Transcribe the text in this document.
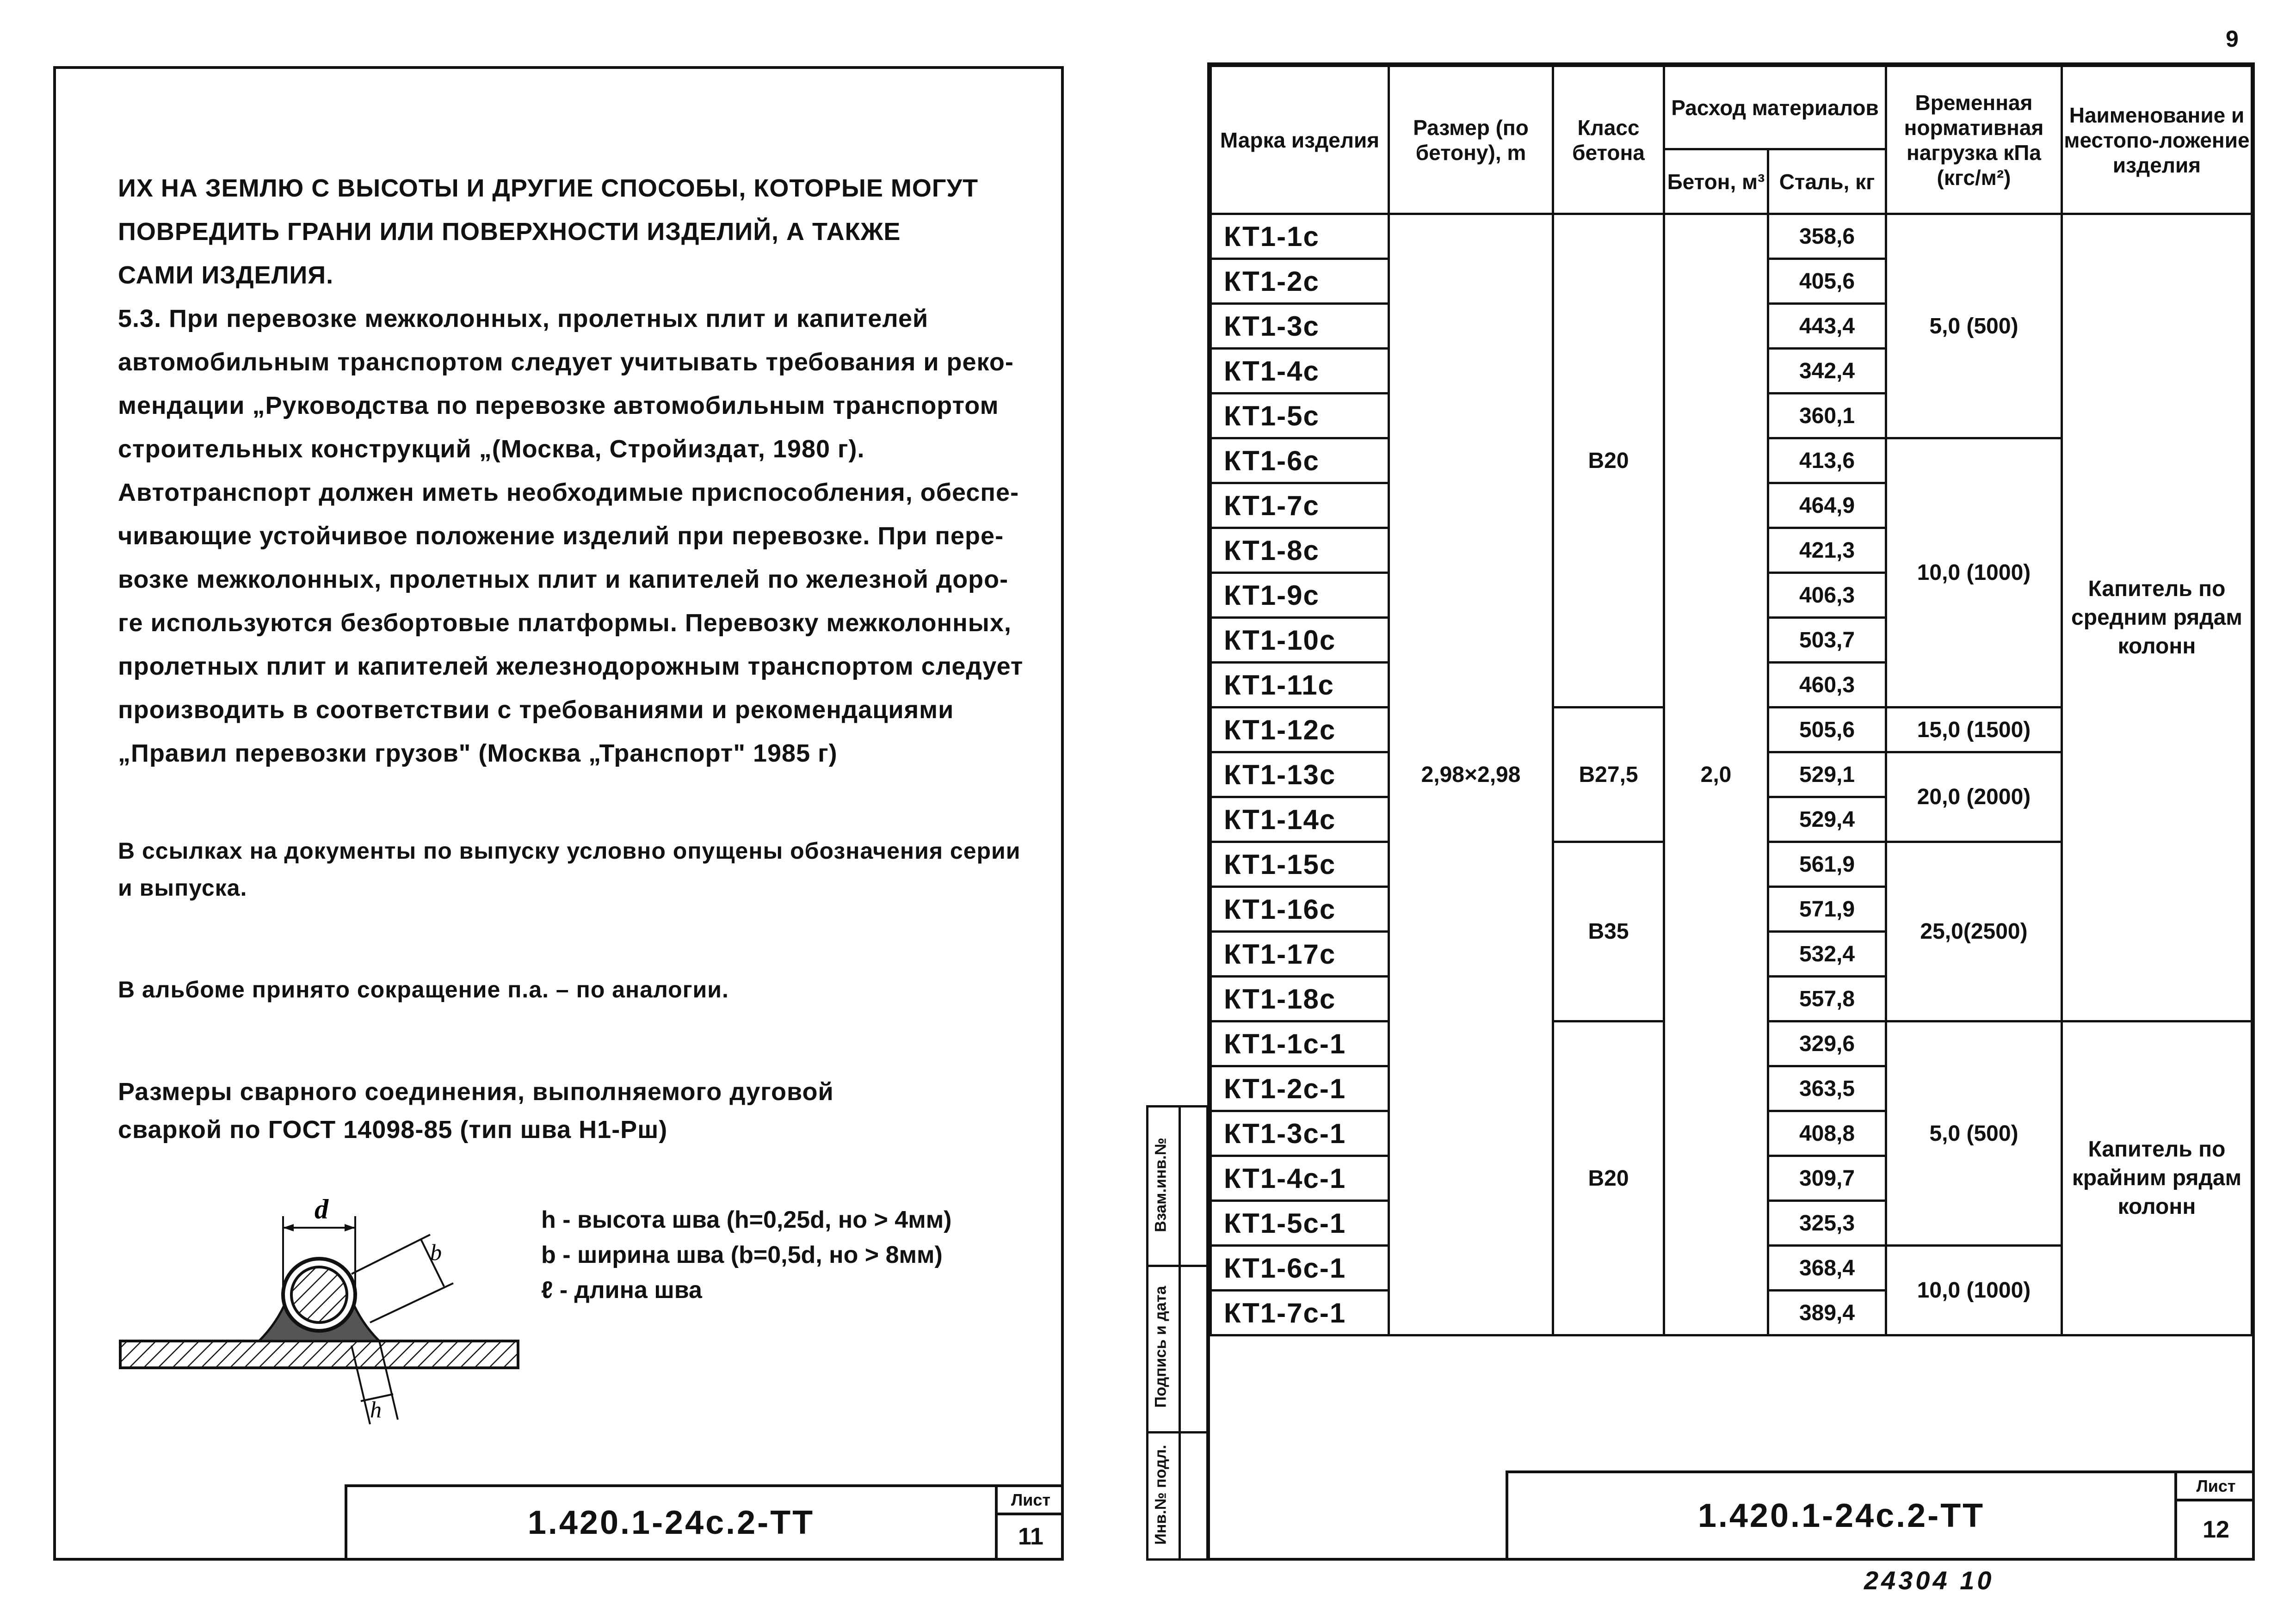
9

ИХ НА ЗЕМЛЮ С ВЫСОТЫ И ДРУГИЕ СПОСОБЫ, КОТОРЫЕ МОГУТ

ПОВРЕДИТЬ ГРАНИ ИЛИ ПОВЕРХНОСТИ ИЗДЕЛИЙ, А ТАКЖЕ

САМИ ИЗДЕЛИЯ.

5.3. При перевозке межколонных, пролетных плит и капителей

автомобильным транспортом следует учитывать требования и реко-

мендации „Руководства по перевозке автомобильным транспортом

строительных конструкций „(Москва, Стройиздат, 1980 г).

Автотранспорт должен иметь необходимые приспособления, обеспе-

чивающие устойчивое положение изделий при перевозке. При пере-

возке межколонных, пролетных плит и капителей по железной доро-

ге используются безбортовые платформы. Перевозку межколонных,

пролетных плит и капителей железнодорожным транспортом следует

производить в соответствии с требованиями и рекомендациями

„Правил перевозки грузов" (Москва „Транспорт" 1985 г)

В ссылках на документы по выпуску условно опущены обозначения серии

и выпуска.

В альбоме принято сокращение п.а. – по аналогии.

Размеры сварного соединения, выполняемого дуговой

сваркой по ГОСТ 14098-85 (тип шва Н1-Рш)

d
b
h
h - высота шва (h=0,25d, но > 4мм)
b - ширина шва (b=0,5d, но > 8мм)
ℓ - длина шва
1.420.1-24с.2-ТТ
Лист
11
Марка изделия	Размер (по бетону), m	Класс бетона	Расход материалов		Временная нормативная нагрузка кПа (кгс/м²)	Наименование и местопо-ложение изделия
			Бетон, м³	Сталь, кг		
КТ1-1с	2,98×2,98	В20	2,0	358,6	5,0 (500)	Капитель по средним рядам колонн
КТ1-2с				405,6		
КТ1-3с				443,4		
КТ1-4с				342,4		
КТ1-5с				360,1		
КТ1-6с				413,6	10,0 (1000)	
КТ1-7с				464,9		
КТ1-8с				421,3		
КТ1-9с				406,3		
КТ1-10с				503,7		
КТ1-11с				460,3		
КТ1-12с		В27,5		505,6	15,0 (1500)	
КТ1-13с				529,1	20,0 (2000)	
КТ1-14с				529,4		
КТ1-15с		В35		561,9	25,0(2500)	
КТ1-16с				571,9		
КТ1-17с				532,4		
КТ1-18с				557,8		
КТ1-1с-1		В20		329,6	5,0 (500)	Капитель по крайним рядам колонн
КТ1-2с-1				363,5		
КТ1-3с-1				408,8		
КТ1-4с-1				309,7		
КТ1-5с-1				325,3		
КТ1-6с-1				368,4	10,0 (1000)	
КТ1-7с-1				389,4		
Взам.инв.№
Подпись и дата
Инв.№ подл.	1.420.1-24с.2-ТТ
Лист
12
24304 10
